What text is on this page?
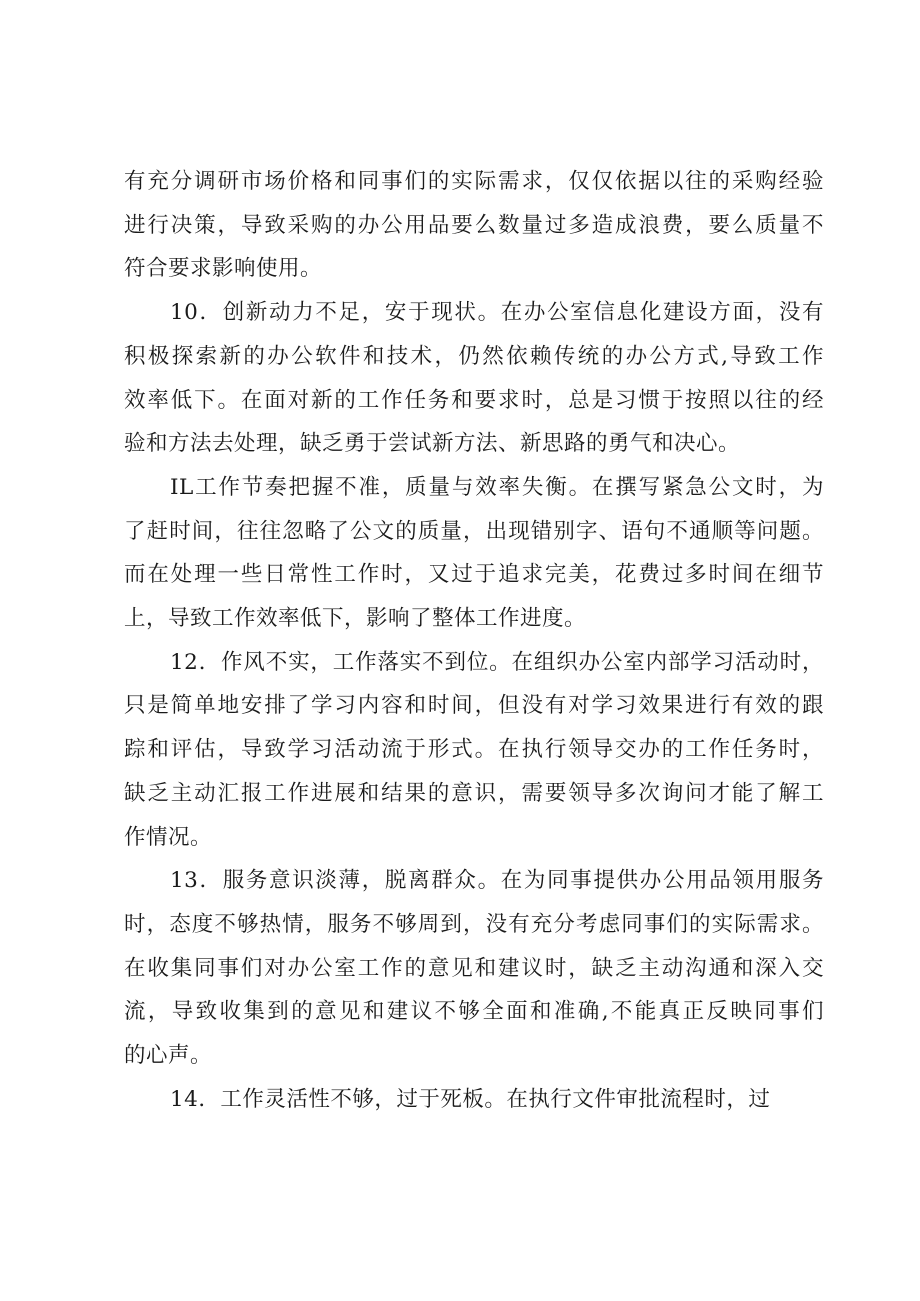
有充分调研市场价格和同事们的实际需求，仅仅依据以往的采购经验
进行决策，导致采购的办公用品要么数量过多造成浪费，要么质量不
符合要求影响使用。
10．创新动力不足，安于现状。在办公室信息化建设方面，没有
积极探索新的办公软件和技术，仍然依赖传统的办公方式,导致工作
效率低下。在面对新的工作任务和要求时，总是习惯于按照以往的经
验和方法去处理，缺乏勇于尝试新方法、新思路的勇气和决心。
IL工作节奏把握不准，质量与效率失衡。在撰写紧急公文时，为
了赶时间，往往忽略了公文的质量，出现错别字、语句不通顺等问题。
而在处理一些日常性工作时，又过于追求完美，花费过多时间在细节
上，导致工作效率低下，影响了整体工作进度。
12．作风不实，工作落实不到位。在组织办公室内部学习活动时，
只是简单地安排了学习内容和时间，但没有对学习效果进行有效的跟
踪和评估，导致学习活动流于形式。在执行领导交办的工作任务时，
缺乏主动汇报工作进展和结果的意识，需要领导多次询问才能了解工
作情况。
13．服务意识淡薄，脱离群众。在为同事提供办公用品领用服务
时，态度不够热情，服务不够周到，没有充分考虑同事们的实际需求。
在收集同事们对办公室工作的意见和建议时，缺乏主动沟通和深入交
流，导致收集到的意见和建议不够全面和准确,不能真正反映同事们
的心声。
14．工作灵活性不够，过于死板。在执行文件审批流程时，过
